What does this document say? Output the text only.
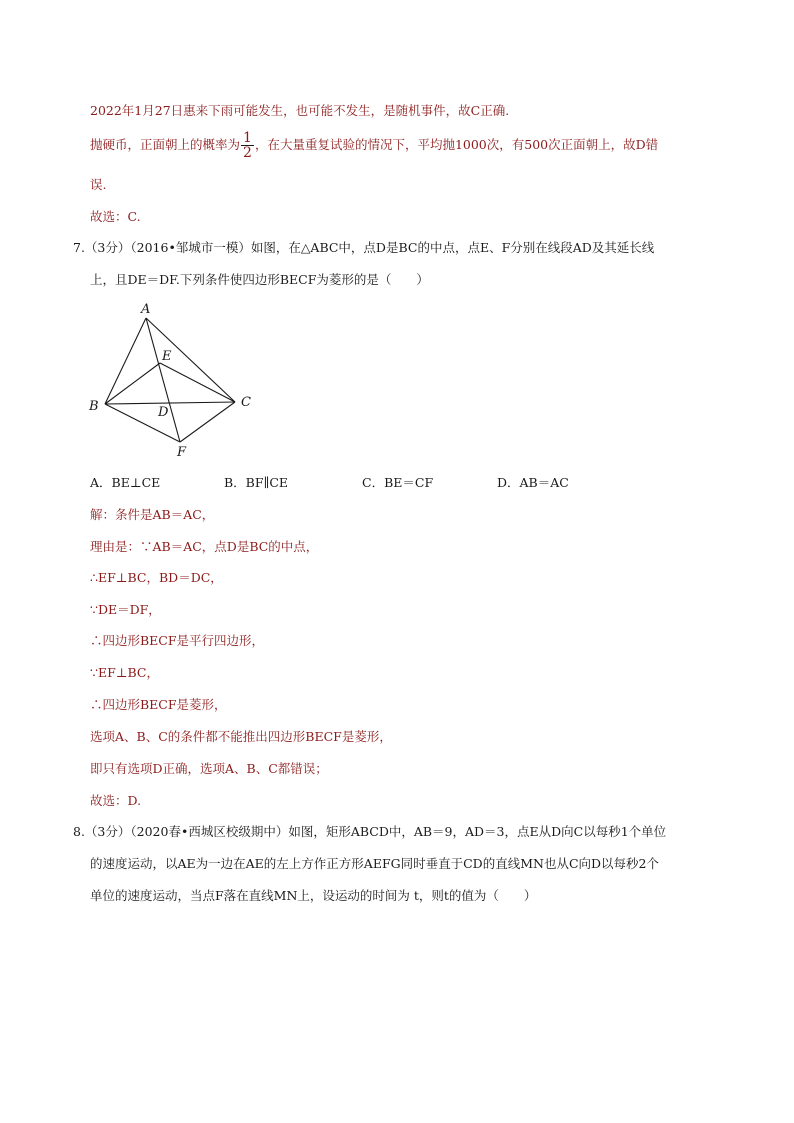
2022年1月27日惠来下雨可能发生，也可能不发生，是随机事件，故C正确.
抛硬币，正面朝上的概率为 $\frac{1}{2}$ ，在大量重复试验的情况下，平均抛1000次，有500次正面朝上，故D错
误.
故选：C.
7.（3分）（2016•邹城市一模）如图，在△ABC中，点D是BC的中点，点E、F分别在线段AD及其延长线
上，且DE＝DF.下列条件使四边形BECF为菱形的是（　　）
A
E
B	D
C
F
A．BE⊥CE	B．BF∥CE	C．BE＝CF	D．AB＝AC
解：条件是AB＝AC，
理由是：∵AB＝AC，点D是BC的中点，
∴EF⊥BC，BD＝DC，
∵DE＝DF，
∴四边形BECF是平行四边形，
∵EF⊥BC，
∴四边形BECF是菱形，
选项A、B、C的条件都不能推出四边形BECF是菱形，
即只有选项D正确，选项A、B、C都错误；
故选：D.
8.（3分）（2020春•西城区校级期中）如图，矩形ABCD中，AB＝9，AD＝3，点E从D向C以每秒1个单位
的速度运动，以AE为一边在AE的左上方作正方形AEFG同时垂直于CD的直线MN也从C向D以每秒2个
单位的速度运动，当点F落在直线MN上，设运动的时间为 t，则t的值为（　　）
